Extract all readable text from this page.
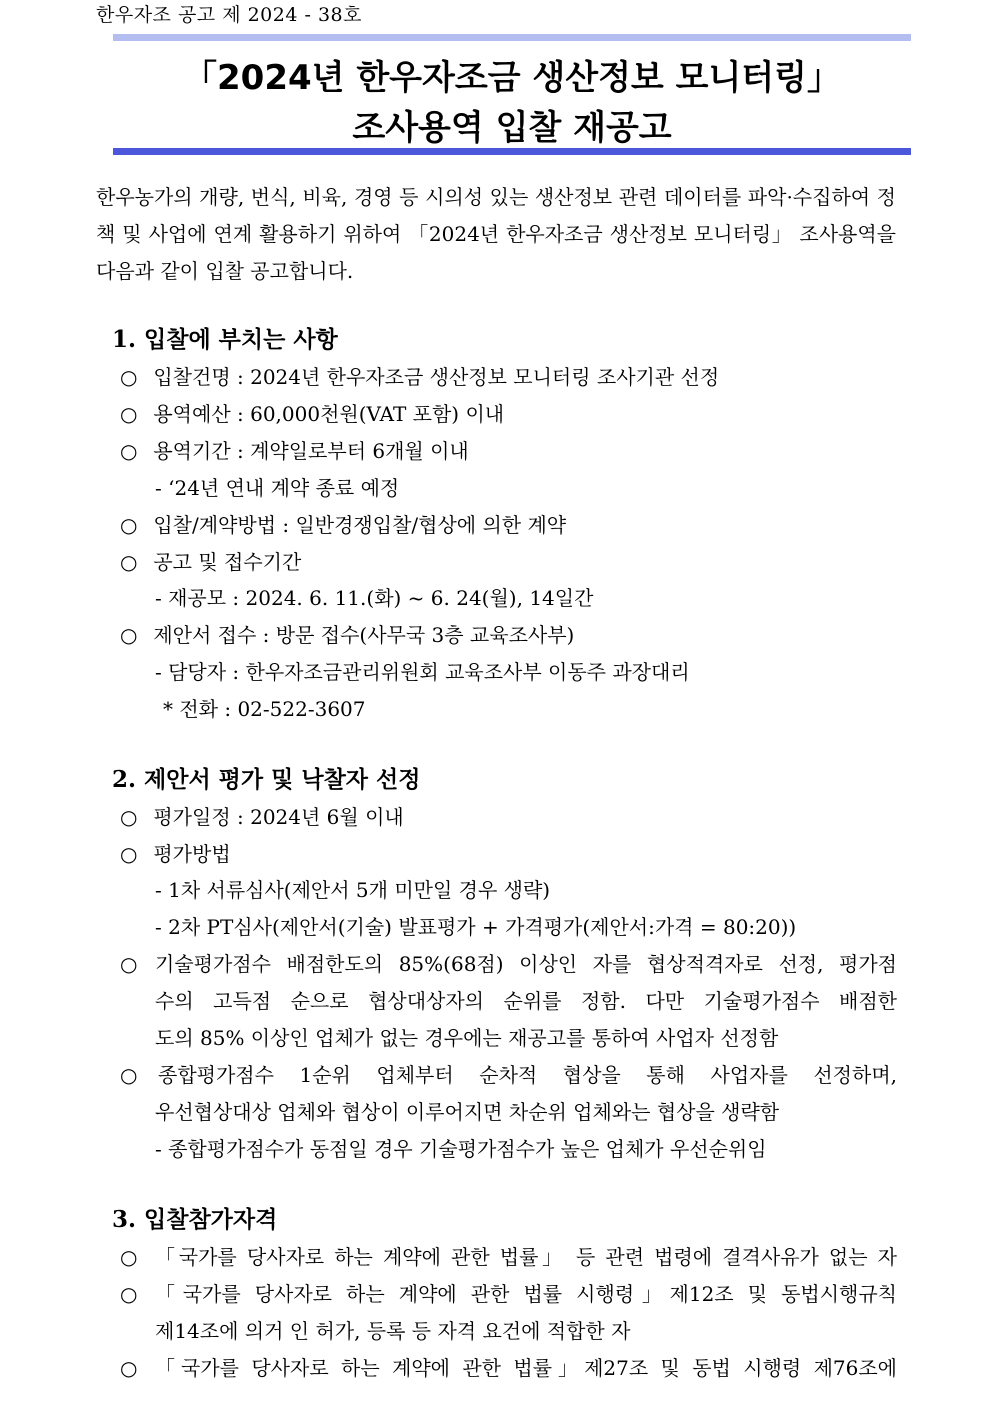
한우자조 공고 제 2024 - 38호
「2024년 한우자조금 생산정보 모니터링」
조사용역 입찰 재공고
한우농가의 개량, 번식, 비육, 경영 등 시의성 있는 생산정보 관련 데이터를 파악·수집하여 정책 및 사업에 연계 활용하기 위하여 「2024년 한우자조금 생산정보 모니터링」 조사용역을 다음과 같이 입찰 공고합니다.
1. 입찰에 부치는 사항
○ 입찰건명 : 2024년 한우자조금 생산정보 모니터링 조사기관 선정
○ 용역예산 : 60,000천원(VAT 포함) 이내
○ 용역기간 : 계약일로부터 6개월 이내
- ‘24년 연내 계약 종료 예정
○ 입찰/계약방법 : 일반경쟁입찰/협상에 의한 계약
○ 공고 및 접수기간
- 재공모 : 2024. 6. 11.(화) ~ 6. 24(월), 14일간
○ 제안서 접수 : 방문 접수(사무국 3층 교육조사부)
- 담당자 : 한우자조금관리위원회 교육조사부 이동주 과장대리
* 전화 : 02-522-3607
2. 제안서 평가 및 낙찰자 선정
○ 평가일정 : 2024년 6월 이내
○ 평가방법
- 1차 서류심사(제안서 5개 미만일 경우 생략)
- 2차 PT심사(제안서(기술) 발표평가 + 가격평가(제안서:가격 = 80:20))
○ 기술평가점수 배점한도의 85%(68점) 이상인 자를 협상적격자로 선정, 평가점
수의 고득점 순으로 협상대상자의 순위를 정함. 다만 기술평가점수 배점한
도의 85% 이상인 업체가 없는 경우에는 재공고를 통하여 사업자 선정함
○	종합평가점수 1순위 업체부터 순차적 협상을 통해 사업자를 선정하며,
우선협상대상 업체와 협상이 이루어지면 차순위 업체와는 협상을 생략함
- 종합평가점수가 동점일 경우 기술평가점수가 높은 업체가 우선순위임
3. 입찰참가자격
○ 「국가를 당사자로 하는 계약에 관한 법률」 등 관련 법령에 결격사유가 없는 자
○ 「국가를 당사자로 하는 계약에 관한 법률 시행령」제12조 및 동법시행규칙
제14조에 의거 인 허가, 등록 등 자격 요건에 적합한 자
○ 「국가를 당사자로 하는 계약에 관한 법률」제27조 및 동법 시행령 제76조에
